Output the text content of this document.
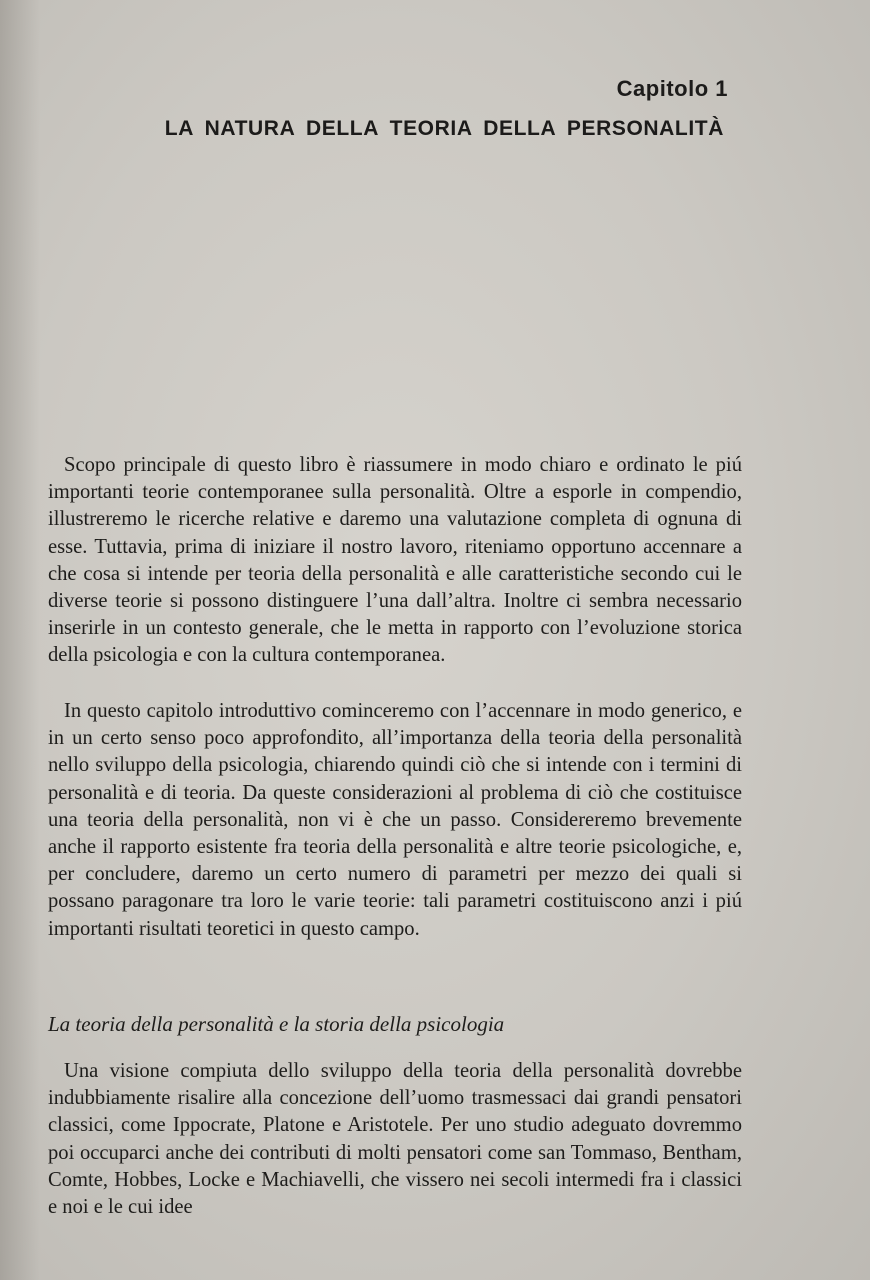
Capitolo 1
LA NATURA DELLA TEORIA DELLA PERSONALITÀ

Scopo principale di questo libro è riassumere in modo chiaro e ordinato le piú importanti teorie contemporanee sulla personalità. Oltre a esporle in compendio, illustreremo le ricerche relative e daremo una valutazione completa di ognuna di esse. Tuttavia, prima di iniziare il nostro lavoro, riteniamo opportuno accennare a che cosa si intende per teoria della personalità e alle caratteristiche secondo cui le diverse teorie si possono distinguere l’una dall’altra. Inoltre ci sembra necessario inserirle in un contesto generale, che le metta in rapporto con l’evoluzione storica della psicologia e con la cultura contemporanea.

In questo capitolo introduttivo cominceremo con l’accennare in modo generico, e in un certo senso poco approfondito, all’importanza della teoria della personalità nello sviluppo della psicologia, chiarendo quindi ciò che si intende con i termini di personalità e di teoria. Da queste considerazioni al problema di ciò che costituisce una teoria della personalità, non vi è che un passo. Considereremo brevemente anche il rapporto esistente fra teoria della personalità e altre teorie psicologiche, e, per concludere, daremo un certo numero di parametri per mezzo dei quali si possano paragonare tra loro le varie teorie: tali parametri costituiscono anzi i piú importanti risultati teoretici in questo campo.

La teoria della personalità e la storia della psicologia

Una visione compiuta dello sviluppo della teoria della personalità dovrebbe indubbiamente risalire alla concezione dell’uomo trasmessaci dai grandi pensatori classici, come Ippocrate, Platone e Aristotele. Per uno studio adeguato dovremmo poi occuparci anche dei contributi di molti pensatori come san Tommaso, Bentham, Comte, Hobbes, Locke e Machiavelli, che vissero nei secoli intermedi fra i classici e noi e le cui idee
